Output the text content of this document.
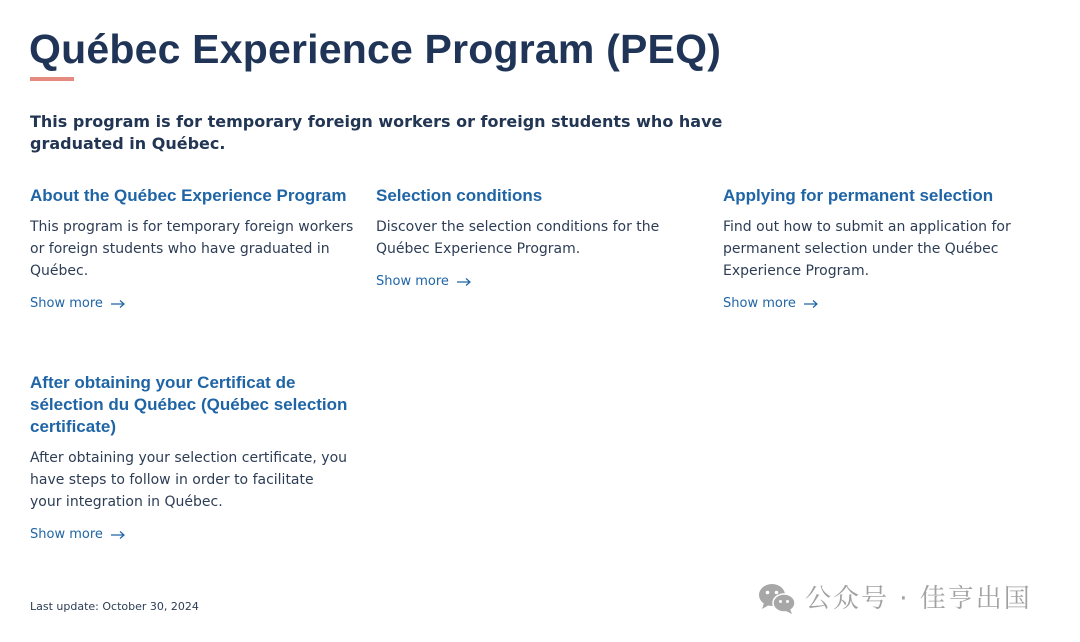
Québec Experience Program (PEQ)

This program is for temporary foreign workers or foreign students who have graduated in Québec.

About the Québec Experience Program

This program is for temporary foreign workers or foreign students who have graduated in Québec.

Show more
Selection conditions

Discover the selection conditions for the Québec Experience Program.

Show more
Applying for permanent selection

Find out how to submit an application for permanent selection under the Québec Experience Program.

Show more
After obtaining your Certificat de sélection du Québec (Québec selection certificate)

After obtaining your selection certificate, you have steps to follow in order to facilitate your integration in Québec.

Show more

Last update: October 30, 2024	公众号 · 佳亨出国
